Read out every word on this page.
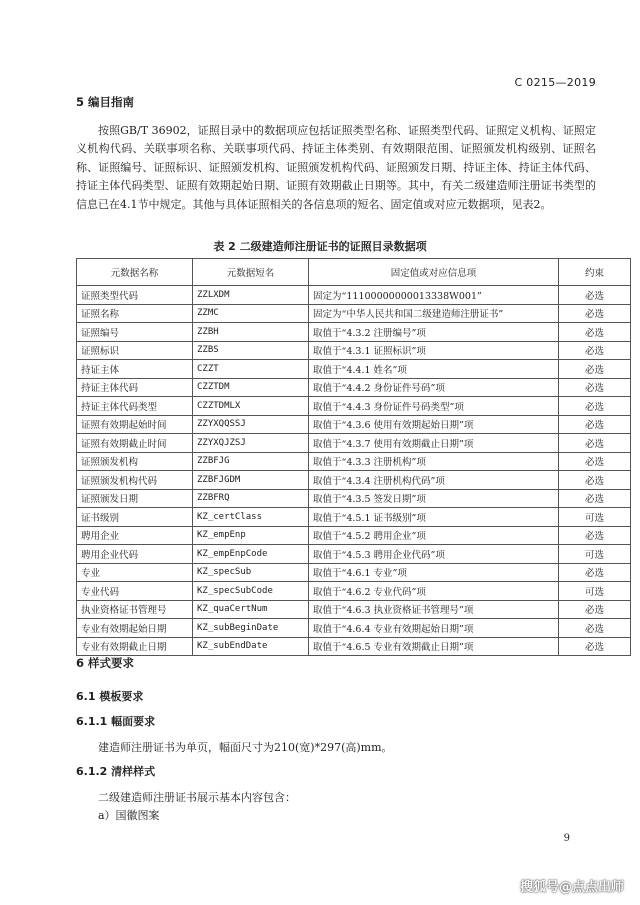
C 0215—2019
5 编目指南

按照GB/T 36902，证照目录中的数据项应包括证照类型名称、证照类型代码、证照定义机构、证照定义机构代码、关联事项名称、关联事项代码、持证主体类别、有效期限范围、证照颁发机构级别、证照名称、证照编号、证照标识、证照颁发机构、证照颁发机构代码、证照颁发日期、持证主体、持证主体代码、持证主体代码类型、证照有效期起始日期、证照有效期截止日期等。其中，有关二级建造师注册证书类型的信息已在4.1节中规定。其他与具体证照相关的各信息项的短名、固定值或对应元数据项，见表2。

表 2 二级建造师注册证书的证照目录数据项
元数据名称	元数据短名	固定值或对应信息项	约束
证照类型代码	ZZLXDM	固定为“11100000000013338W001”	必选
证照名称	ZZMC	固定为“中华人民共和国二级建造师注册证书”	必选
证照编号	ZZBH	取值于“4.3.2 注册编号”项	必选
证照标识	ZZBS	取值于“4.3.1 证照标识”项	必选
持证主体	CZZT	取值于“4.4.1 姓名”项	必选
持证主体代码	CZZTDM	取值于“4.4.2 身份证件号码”项	必选
持证主体代码类型	CZZTDMLX	取值于“4.4.3 身份证件号码类型”项	必选
证照有效期起始时间	ZZYXQQSSJ	取值于“4.3.6 使用有效期起始日期”项	必选
证照有效期截止时间	ZZYXQJZSJ	取值于“4.3.7 使用有效期截止日期”项	必选
证照颁发机构	ZZBFJG	取值于“4.3.3 注册机构”项	必选
证照颁发机构代码	ZZBFJGDM	取值于“4.3.4 注册机构代码”项	必选
证照颁发日期	ZZBFRQ	取值于“4.3.5 签发日期”项	必选
证书级别	KZ_certClass	取值于“4.5.1 证书级别”项	可选
聘用企业	KZ_empEnp	取值于“4.5.2 聘用企业”项	必选
聘用企业代码	KZ_empEnpCode	取值于“4.5.3 聘用企业代码”项	可选
专业	KZ_specSub	取值于“4.6.1 专业”项	必选
专业代码	KZ_specSubCode	取值于“4.6.2 专业代码”项	可选
执业资格证书管理号	KZ_quaCertNum	取值于“4.6.3 执业资格证书管理号”项	必选
专业有效期起始日期	KZ_subBeginDate	取值于“4.6.4 专业有效期起始日期”项	必选
专业有效期截止日期	KZ_subEndDate	取值于“4.6.5 专业有效期截止日期”项	必选
6 样式要求
6.1 模板要求
6.1.1 幅面要求
建造师注册证书为单页，幅面尺寸为210(宽)*297(高)mm。
6.1.2 清样样式
二级建造师注册证书展示基本内容包含：
a）国徽图案
9
搜狐号@点点出师
